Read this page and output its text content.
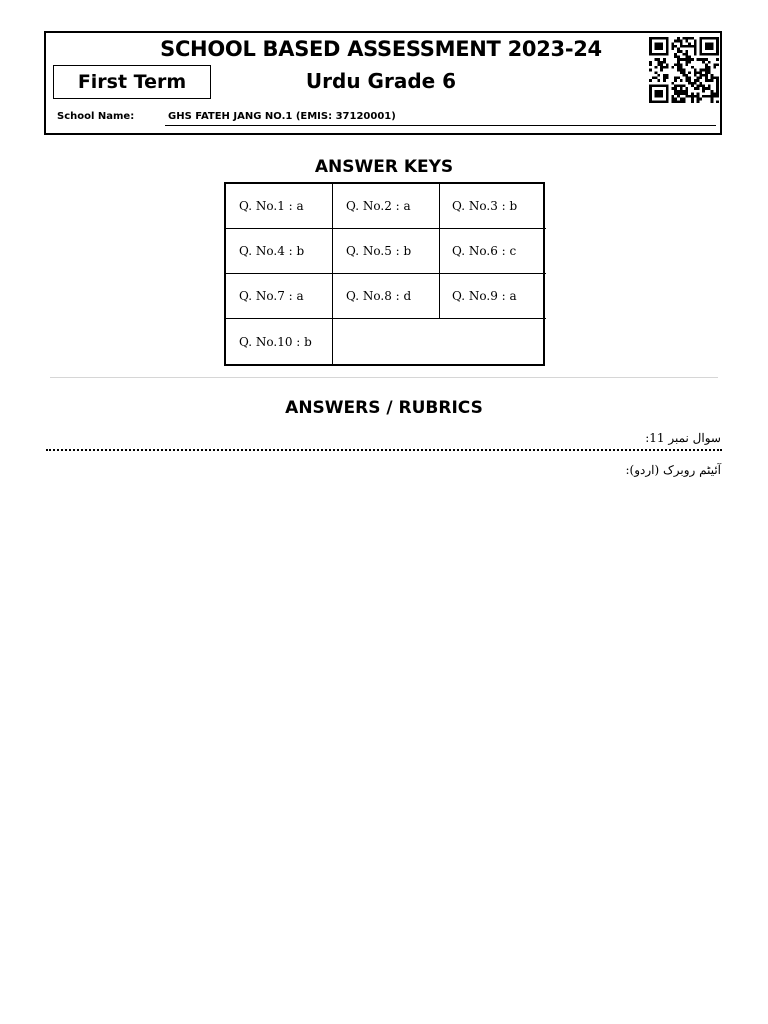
SCHOOL BASED ASSESSMENT 2023-24
Urdu Grade 6
First Term
School Name:	GHS FATEH JANG NO.1 (EMIS: 37120001)
ANSWER KEYS
Q. No.1 : a	Q. No.2 : a	Q. No.3 : b
Q. No.4 : b	Q. No.5 : b	Q. No.6 : c
Q. No.7 : a	Q. No.8 : d	Q. No.9 : a
Q. No.10 : b
ANSWERS / RUBRICS
سوال نمبر 11:
آئیٹم روبرک (اردو):
